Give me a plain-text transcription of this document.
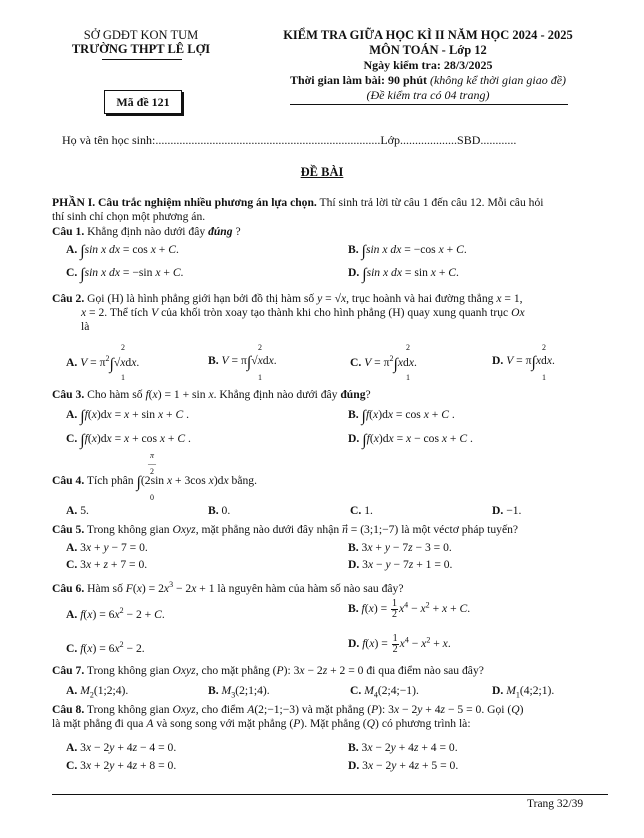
SỞ GDĐT KON TUM
TRƯỜNG THPT LÊ LỢI
Mã đề 121
KIỂM TRA GIỮA HỌC KÌ II NĂM HỌC 2024 - 2025
MÔN TOÁN - Lớp 12
Ngày kiểm tra: 28/3/2025
Thời gian làm bài: 90 phút (không kể thời gian giao đề)
(Đề kiểm tra có 04 trang)
Họ và tên học sinh:...........................................................................Lớp...................SBD............
ĐỀ BÀI
PHẦN I. Câu trắc nghiệm nhiều phương án lựa chọn. Thí sinh trả lời từ câu 1 đến câu 12. Mỗi câu hỏi
thí sinh chỉ chọn một phương án.
Câu 1. Khẳng định nào dưới đây đúng ?
A. ∫sin x dx = cos x + C.	B. ∫sin x dx = −cos x + C.
C. ∫sin x dx = −sin x + C.	D. ∫sin x dx = sin x + C.
Câu 2. Gọi (H) là hình phẳng giới hạn bởi đồ thị hàm số y = √x, trục hoành và hai đường thẳng x = 1,
x = 2. Thể tích V của khối tròn xoay tạo thành khi cho hình phẳng (H) quay xung quanh trục Ox
là
A. $V = \pi^2\int√xdx$.
2
1
B. V = π∫√xdx.
2
1
C. $V = \pi^2\int xdx$.
2
1
D. V = π∫xdx.
2
1
Câu 3. Cho hàm số f(x) = 1 + sin x. Khẳng định nào dưới đây đúng?
A. ∫f(x)dx = x + sin x + C .	B. ∫f(x)dx = cos x + C .
C. ∫f(x)dx = x + cos x + C .	D. ∫f(x)dx = x − cos x + C .
π
―
2
Câu 4. Tích phân ∫(2sin x + 3cos x)dx bằng.
0
A. 5.	B. 0.	C. 1.	D. −1.
Câu 5. Trong không gian Oxyz, mặt phẳng nào dưới đây nhận n⃗ = (3;1;−7) là một véctơ pháp tuyến?
A. 3x + y − 7 = 0.	B. 3x + y − 7z − 3 = 0.
C. 3x + z + 7 = 0.	D. 3x − y − 7z + 1 = 0.
Câu 6. Hàm số $F(x) = 2x^3 - 2x + 1$ là nguyên hàm của hàm số nào sau đây?
A. $f(x) = 6x^2 - 2 + C$.	B. $f(x) = \frac{1}{2} x^4 - x^2 + x + C$.
C. $f(x) = 6x^2 - 2$.	D. $f(x) = \frac{1}{2} x^4 - x^2 + x$.
Câu 7. Trong không gian Oxyz, cho mặt phẳng (P): 3x − 2z + 2 = 0 đi qua điểm nào sau đây?
A. $M_2(1;2;4)$.	B. $M_3(2;1;4)$.	C. $M_4(2;4;-1)$.	D. $M_1(4;2;1)$.
Câu 8. Trong không gian Oxyz, cho điểm A(2;−1;−3) và mặt phẳng (P): 3x − 2y + 4z − 5 = 0. Gọi (Q)
là mặt phẳng đi qua A và song song với mặt phẳng (P). Mặt phẳng (Q) có phương trình là:
A. 3x − 2y + 4z − 4 = 0.	B. 3x − 2y + 4z + 4 = 0.
C. 3x + 2y + 4z + 8 = 0.	D. 3x − 2y + 4z + 5 = 0.
Trang 32/39
